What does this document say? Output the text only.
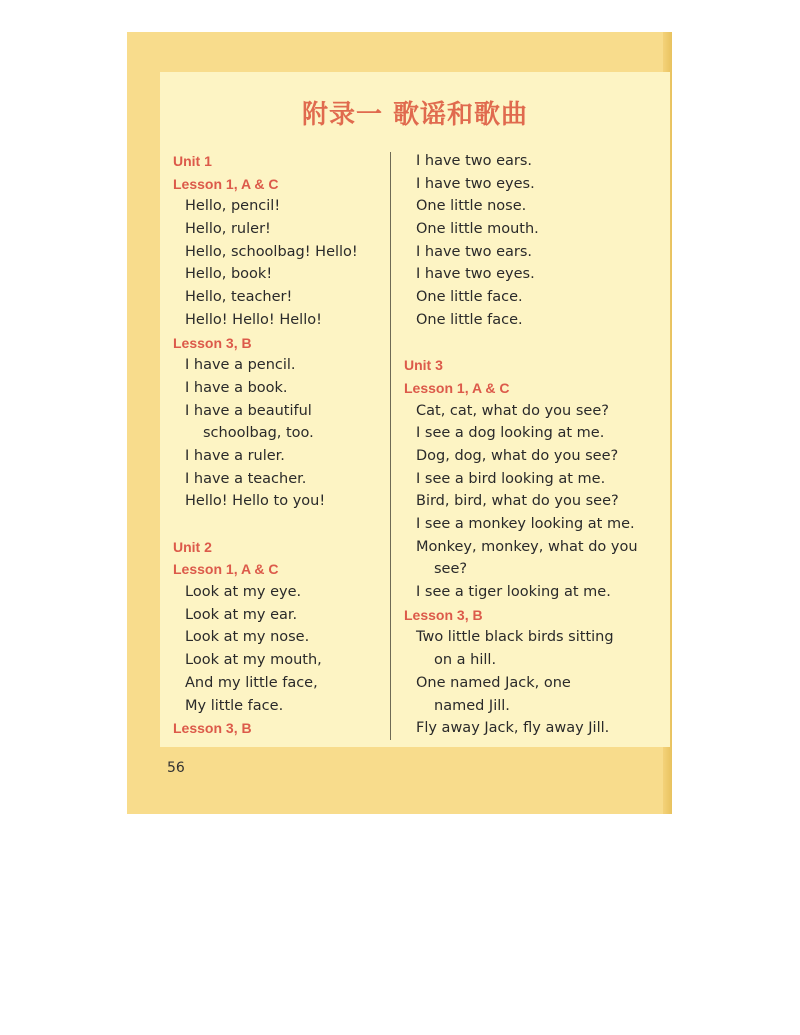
附录一 歌谣和歌曲
Unit 1
Lesson 1, A & C
Hello, pencil!
Hello, ruler!
Hello, schoolbag! Hello!
Hello, book!
Hello, teacher!
Hello! Hello! Hello!
Lesson 3, B
I have a pencil.
I have a book.
I have a beautiful
schoolbag, too.
I have a ruler.
I have a teacher.
Hello! Hello to you!
Unit 2
Lesson 1, A & C
Look at my eye.
Look at my ear.
Look at my nose.
Look at my mouth,
And my little face,
My little face.
Lesson 3, B
I have two ears.
I have two eyes.
One little nose.
One little mouth.
I have two ears.
I have two eyes.
One little face.
One little face.
Unit 3
Lesson 1, A & C
Cat, cat, what do you see?
I see a dog looking at me.
Dog, dog, what do you see?
I see a bird looking at me.
Bird, bird, what do you see?
I see a monkey looking at me.
Monkey, monkey, what do you
see?
I see a tiger looking at me.
Lesson 3, B
Two little black birds sitting
on a hill.
One named Jack, one
named Jill.
Fly away Jack, fly away Jill.

56
